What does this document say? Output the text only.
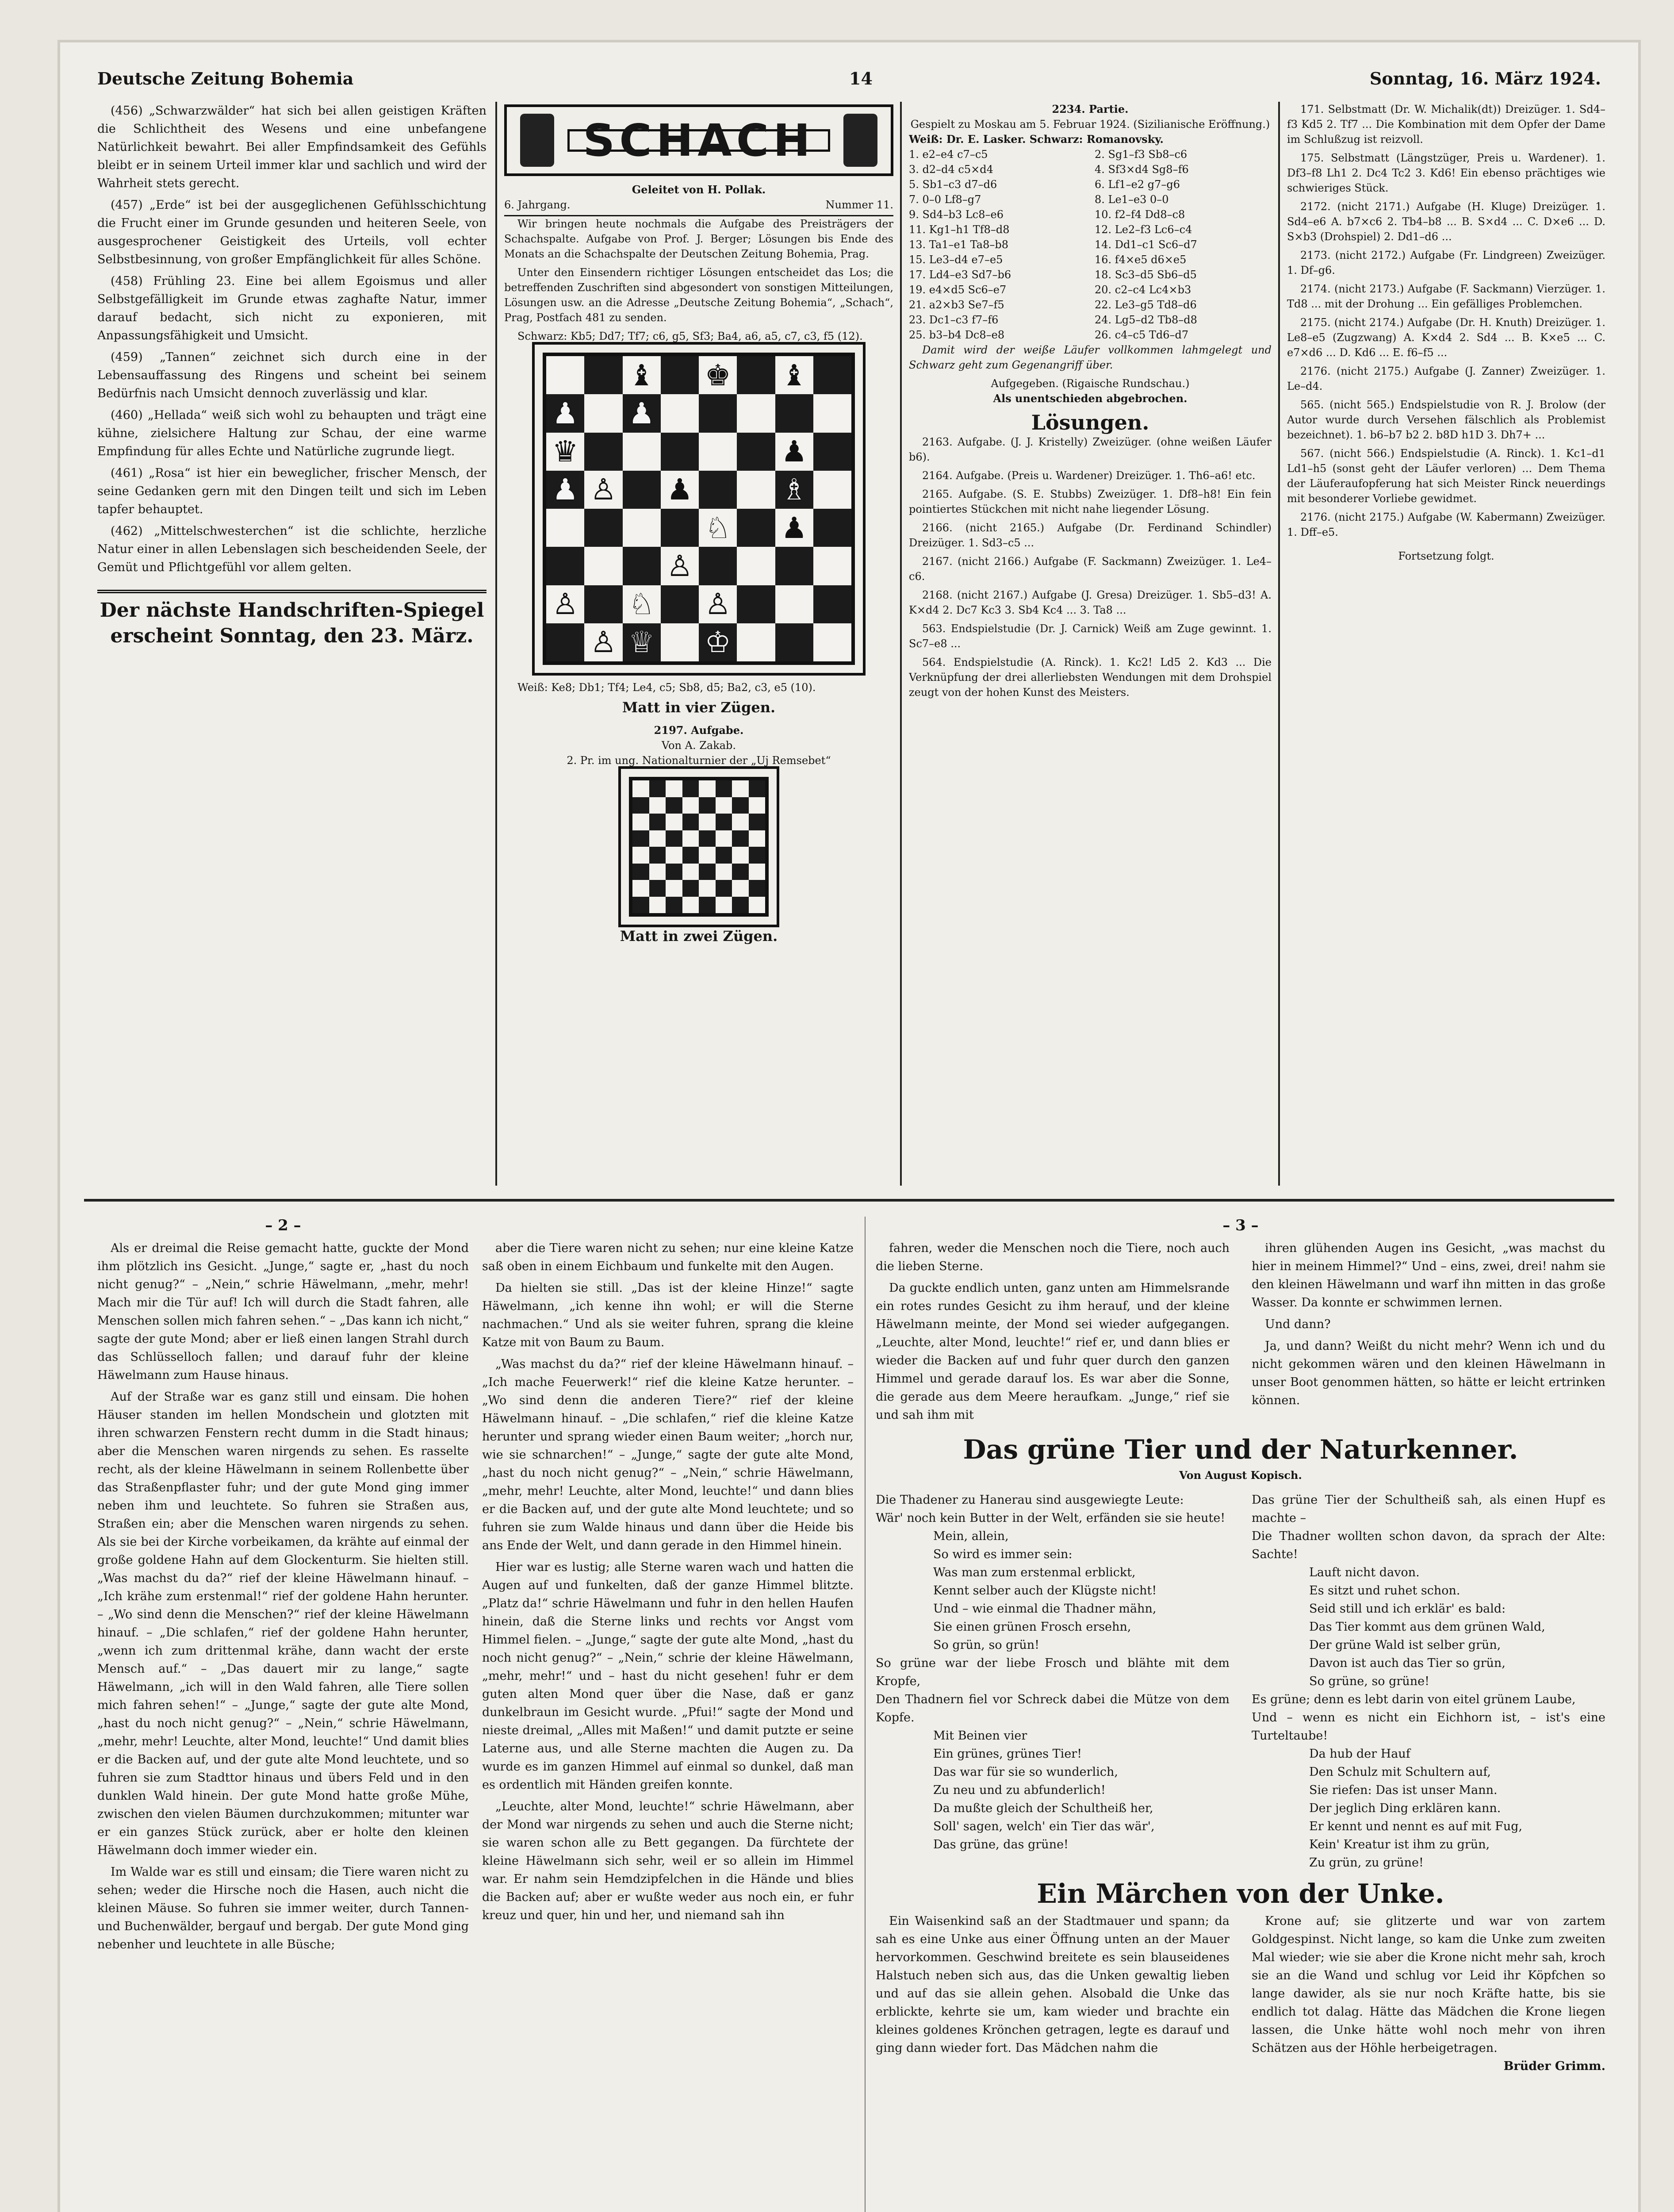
Deutsche Zeitung Bohemia	14	Sonntag, 16. März 1924.

(456) „Schwarzwälder“ hat sich bei allen geistigen Kräften die Schlichtheit des Wesens und eine unbefangene Natürlichkeit bewahrt. Bei aller Empfindsamkeit des Gefühls bleibt er in seinem Urteil immer klar und sachlich und wird der Wahrheit stets gerecht.

(457) „Erde“ ist bei der ausgeglichenen Gefühlsschichtung die Frucht einer im Grunde gesunden und heiteren Seele, von ausgesprochener Geistigkeit des Urteils, voll echter Selbstbesinnung, von großer Empfänglichkeit für alles Schöne.

(458) Frühling 23. Eine bei allem Egoismus und aller Selbstgefälligkeit im Grunde etwas zaghafte Natur, immer darauf bedacht, sich nicht zu exponieren, mit Anpassungsfähigkeit und Umsicht.

(459) „Tannen“ zeichnet sich durch eine in der Lebensauffassung des Ringens und scheint bei seinem Bedürfnis nach Umsicht dennoch zuverlässig und klar.

(460) „Hellada“ weiß sich wohl zu behaupten und trägt eine kühne, zielsichere Haltung zur Schau, der eine warme Empfindung für alles Echte und Natürliche zugrunde liegt.

(461) „Rosa“ ist hier ein beweglicher, frischer Mensch, der seine Gedanken gern mit den Dingen teilt und sich im Leben tapfer behauptet.

(462) „Mittelschwesterchen“ ist die schlichte, herzliche Natur einer in allen Lebenslagen sich bescheidenden Seele, der Gemüt und Pflichtgefühl vor allem gelten.

Der nächste Handschriften-Spiegel erscheint Sonntag, den 23. März.
SCHACH
Geleitet von H. Pollak.
6. Jahrgang.	Nummer 11.

Wir bringen heute nochmals die Aufgabe des Preisträgers der Schachspalte. Aufgabe von Prof. J. Berger; Lösungen bis Ende des Monats an die Schachspalte der Deutschen Zeitung Bohemia, Prag.

Unter den Einsendern richtiger Lösungen entscheidet das Los; die betreffenden Zuschriften sind abgesondert von sonstigen Mitteilungen, Lösungen usw. an die Adresse „Deutsche Zeitung Bohemia“, „Schach“, Prag, Postfach 481 zu senden.

Schwarz: Kb5; Dd7; Tf7; c6, g5, Sf3; Ba4, a6, a5, c7, c3, f5 (12).

♝ ♚ ♝
♟ ♟
♛	♟
♟ ♙ ♟	♗
♘ ♟
♙
♙ ♘ ♙
♙ ♕ ♔

Weiß: Ke8; Db1; Tf4; Le4, c5; Sb8, d5; Ba2, c3, e5 (10).

Matt in vier Zügen.
2197. Aufgabe.
Von A. Zakab.
2. Pr. im ung. Nationalturnier der „Uj Remsebet“
Matt in zwei Zügen.
2234. Partie.
Gespielt zu Moskau am 5. Februar 1924. (Sizilianische Eröffnung.)
Weiß: Dr. E. Lasker. Schwarz: Romanovsky.
1. e2–e4 c7–c5	2. Sg1–f3 Sb8–c6
3. d2–d4 c5×d4	4. Sf3×d4 Sg8–f6
5. Sb1–c3 d7–d6	6. Lf1–e2 g7–g6
7. 0–0 Lf8–g7	8. Le1–e3 0–0
9. Sd4–b3 Lc8–e6	10. f2–f4 Dd8–c8
11. Kg1–h1 Tf8–d8	12. Le2–f3 Lc6–c4
13. Ta1–e1 Ta8–b8	14. Dd1–c1 Sc6–d7
15. Le3–d4 e7–e5	16. f4×e5 d6×e5
17. Ld4–e3 Sd7–b6	18. Sc3–d5 Sb6–d5
19. e4×d5 Sc6–e7	20. c2–c4 Lc4×b3
21. a2×b3 Se7–f5	22. Le3–g5 Td8–d6
23. Dc1–c3 f7–f6	24. Lg5–d2 Tb8–d8
25. b3–b4 Dc8–e8	26. c4–c5 Td6–d7

Damit wird der weiße Läufer vollkommen lahmgelegt und Schwarz geht zum Gegenangriff über.

Aufgegeben. (Rigaische Rundschau.)
Als unentschieden abgebrochen.
Lösungen.

2163. Aufgabe. (J. J. Kristelly) Zweizüger. (ohne weißen Läufer b6).

2164. Aufgabe. (Preis u. Wardener) Dreizüger. 1. Th6–a6! etc.

2165. Aufgabe. (S. E. Stubbs) Zweizüger. 1. Df8–h8! Ein fein pointiertes Stückchen mit nicht nahe liegender Lösung.

2166. (nicht 2165.) Aufgabe (Dr. Ferdinand Schindler) Dreizüger. 1. Sd3–c5 ...

2167. (nicht 2166.) Aufgabe (F. Sackmann) Zweizüger. 1. Le4–c6.

2168. (nicht 2167.) Aufgabe (J. Gresa) Dreizüger. 1. Sb5–d3! A. K×d4 2. Dc7 Kc3 3. Sb4 Kc4 ... 3. Ta8 ...

563. Endspielstudie (Dr. J. Carnick) Weiß am Zuge gewinnt. 1. Sc7–e8 ...

564. Endspielstudie (A. Rinck). 1. Kc2! Ld5 2. Kd3 ... Die Verknüpfung der drei allerliebsten Wendungen mit dem Drohspiel zeugt von der hohen Kunst des Meisters.

171. Selbstmatt (Dr. W. Michalik(dt)) Dreizüger. 1. Sd4–f3 Kd5 2. Tf7 ... Die Kombination mit dem Opfer der Dame im Schlußzug ist reizvoll.

175. Selbstmatt (Längstzüger, Preis u. Wardener). 1. Df3–f8 Lh1 2. Dc4 Tc2 3. Kd6! Ein ebenso prächtiges wie schwieriges Stück.

2172. (nicht 2171.) Aufgabe (H. Kluge) Dreizüger. 1. Sd4–e6 A. b7×c6 2. Tb4–b8 ... B. S×d4 ... C. D×e6 ... D. S×b3 (Drohspiel) 2. Dd1–d6 ...

2173. (nicht 2172.) Aufgabe (Fr. Lindgreen) Zweizüger. 1. Df–g6.

2174. (nicht 2173.) Aufgabe (F. Sackmann) Vierzüger. 1. Td8 ... mit der Drohung ... Ein gefälliges Problemchen.

2175. (nicht 2174.) Aufgabe (Dr. H. Knuth) Dreizüger. 1. Le8–e5 (Zugzwang) A. K×d4 2. Sd4 ... B. K×e5 ... C. e7×d6 ... D. Kd6 ... E. f6–f5 ...

2176. (nicht 2175.) Aufgabe (J. Zanner) Zweizüger. 1. Le–d4.

565. (nicht 565.) Endspielstudie von R. J. Brolow (der Autor wurde durch Versehen fälschlich als Problemist bezeichnet). 1. b6–b7 b2 2. b8D h1D 3. Dh7+ ...

567. (nicht 566.) Endspielstudie (A. Rinck). 1. Kc1–d1 Ld1–h5 (sonst geht der Läufer verloren) ... Dem Thema der Läuferaufopferung hat sich Meister Rinck neuerdings mit besonderer Vorliebe gewidmet.

2176. (nicht 2175.) Aufgabe (W. Kabermann) Zweizüger. 1. Dff–e5.

Fortsetzung folgt.
– 2 –

Als er dreimal die Reise gemacht hatte, guckte der Mond ihm plötzlich ins Gesicht. „Junge,“ sagte er, „hast du noch nicht genug?“ – „Nein,“ schrie Häwelmann, „mehr, mehr! Mach mir die Tür auf! Ich will durch die Stadt fahren, alle Menschen sollen mich fahren sehen.“ – „Das kann ich nicht,“ sagte der gute Mond; aber er ließ einen langen Strahl durch das Schlüsselloch fallen; und darauf fuhr der kleine Häwelmann zum Hause hinaus.

Auf der Straße war es ganz still und einsam. Die hohen Häuser standen im hellen Mondschein und glotzten mit ihren schwarzen Fenstern recht dumm in die Stadt hinaus; aber die Menschen waren nirgends zu sehen. Es rasselte recht, als der kleine Häwelmann in seinem Rollenbette über das Straßenpflaster fuhr; und der gute Mond ging immer neben ihm und leuchtete. So fuhren sie Straßen aus, Straßen ein; aber die Menschen waren nirgends zu sehen. Als sie bei der Kirche vorbeikamen, da krähte auf einmal der große goldene Hahn auf dem Glockenturm. Sie hielten still. „Was machst du da?“ rief der kleine Häwelmann hinauf. – „Ich krähe zum erstenmal!“ rief der goldene Hahn herunter. – „Wo sind denn die Menschen?“ rief der kleine Häwelmann hinauf. – „Die schlafen,“ rief der goldene Hahn herunter, „wenn ich zum drittenmal krähe, dann wacht der erste Mensch auf.“ – „Das dauert mir zu lange,“ sagte Häwelmann, „ich will in den Wald fahren, alle Tiere sollen mich fahren sehen!“ – „Junge,“ sagte der gute alte Mond, „hast du noch nicht genug?“ – „Nein,“ schrie Häwelmann, „mehr, mehr! Leuchte, alter Mond, leuchte!“ Und damit blies er die Backen auf, und der gute alte Mond leuchtete, und so fuhren sie zum Stadttor hinaus und übers Feld und in den dunklen Wald hinein. Der gute Mond hatte große Mühe, zwischen den vielen Bäumen durchzukommen; mitunter war er ein ganzes Stück zurück, aber er holte den kleinen Häwelmann doch immer wieder ein.

Im Walde war es still und einsam; die Tiere waren nicht zu sehen; weder die Hirsche noch die Hasen, auch nicht die kleinen Mäuse. So fuhren sie immer weiter, durch Tannen- und Buchenwälder, bergauf und bergab. Der gute Mond ging nebenher und leuchtete in alle Büsche;

aber die Tiere waren nicht zu sehen; nur eine kleine Katze saß oben in einem Eichbaum und funkelte mit den Augen.

Da hielten sie still. „Das ist der kleine Hinze!“ sagte Häwelmann, „ich kenne ihn wohl; er will die Sterne nachmachen.“ Und als sie weiter fuhren, sprang die kleine Katze mit von Baum zu Baum.

„Was machst du da?“ rief der kleine Häwelmann hinauf. – „Ich mache Feuerwerk!“ rief die kleine Katze herunter. – „Wo sind denn die anderen Tiere?“ rief der kleine Häwelmann hinauf. – „Die schlafen,“ rief die kleine Katze herunter und sprang wieder einen Baum weiter; „horch nur, wie sie schnarchen!“ – „Junge,“ sagte der gute alte Mond, „hast du noch nicht genug?“ – „Nein,“ schrie Häwelmann, „mehr, mehr! Leuchte, alter Mond, leuchte!“ und dann blies er die Backen auf, und der gute alte Mond leuchtete; und so fuhren sie zum Walde hinaus und dann über die Heide bis ans Ende der Welt, und dann gerade in den Himmel hinein.

Hier war es lustig; alle Sterne waren wach und hatten die Augen auf und funkelten, daß der ganze Himmel blitzte. „Platz da!“ schrie Häwelmann und fuhr in den hellen Haufen hinein, daß die Sterne links und rechts vor Angst vom Himmel fielen. – „Junge,“ sagte der gute alte Mond, „hast du noch nicht genug?“ – „Nein,“ schrie der kleine Häwelmann, „mehr, mehr!“ und – hast du nicht gesehen! fuhr er dem guten alten Mond quer über die Nase, daß er ganz dunkelbraun im Gesicht wurde. „Pfui!“ sagte der Mond und nieste dreimal, „Alles mit Maßen!“ und damit putzte er seine Laterne aus, und alle Sterne machten die Augen zu. Da wurde es im ganzen Himmel auf einmal so dunkel, daß man es ordentlich mit Händen greifen konnte.

„Leuchte, alter Mond, leuchte!“ schrie Häwelmann, aber der Mond war nirgends zu sehen und auch die Sterne nicht; sie waren schon alle zu Bett gegangen. Da fürchtete der kleine Häwelmann sich sehr, weil er so allein im Himmel war. Er nahm sein Hemdzipfelchen in die Hände und blies die Backen auf; aber er wußte weder aus noch ein, er fuhr kreuz und quer, hin und her, und niemand sah ihn

– 3 –

fahren, weder die Menschen noch die Tiere, noch auch die lieben Sterne.

Da guckte endlich unten, ganz unten am Himmelsrande ein rotes rundes Gesicht zu ihm herauf, und der kleine Häwelmann meinte, der Mond sei wieder aufgegangen. „Leuchte, alter Mond, leuchte!“ rief er, und dann blies er wieder die Backen auf und fuhr quer durch den ganzen Himmel und gerade darauf los. Es war aber die Sonne, die gerade aus dem Meere heraufkam. „Junge,“ rief sie und sah ihm mit

ihren glühenden Augen ins Gesicht, „was machst du hier in meinem Himmel?“ Und – eins, zwei, drei! nahm sie den kleinen Häwelmann und warf ihn mitten in das große Wasser. Da konnte er schwimmen lernen.

Und dann?

Ja, und dann? Weißt du nicht mehr? Wenn ich und du nicht gekommen wären und den kleinen Häwelmann in unser Boot genommen hätten, so hätte er leicht ertrinken können.

Das grüne Tier und der Naturkenner.
Von August Kopisch.
Die Thadener zu Hanerau sind ausgewiegte Leute:
Wär' noch kein Butter in der Welt, erfänden sie sie heute!
Mein, allein,
So wird es immer sein:
Was man zum erstenmal erblickt,
Kennt selber auch der Klügste nicht!
Und – wie einmal die Thadner mähn,
Sie einen grünen Frosch ersehn,
So grün, so grün!
So grüne war der liebe Frosch und blähte mit dem Kropfe,
Den Thadnern fiel vor Schreck dabei die Mütze von dem Kopfe.
Mit Beinen vier
Ein grünes, grünes Tier!
Das war für sie so wunderlich,
Zu neu und zu abfunderlich!
Da mußte gleich der Schultheiß her,
Soll' sagen, welch' ein Tier das wär',
Das grüne, das grüne!
Das grüne Tier der Schultheiß sah, als einen Hupf es machte –
Die Thadner wollten schon davon, da sprach der Alte: Sachte!
Lauft nicht davon.
Es sitzt und ruhet schon.
Seid still und ich erklär' es bald:
Das Tier kommt aus dem grünen Wald,
Der grüne Wald ist selber grün,
Davon ist auch das Tier so grün,
So grüne, so grüne!
Es grüne; denn es lebt darin von eitel grünem Laube,
Und – wenn es nicht ein Eichhorn ist, – ist's eine Turteltaube!
Da hub der Hauf
Den Schulz mit Schultern auf,
Sie riefen: Das ist unser Mann.
Der jeglich Ding erklären kann.
Er kennt und nennt es auf mit Fug,
Kein' Kreatur ist ihm zu grün,
Zu grün, zu grüne!
Ein Märchen von der Unke.

Ein Waisenkind saß an der Stadtmauer und spann; da sah es eine Unke aus einer Öffnung unten an der Mauer hervorkommen. Geschwind breitete es sein blauseidenes Halstuch neben sich aus, das die Unken gewaltig lieben und auf das sie allein gehen. Alsobald die Unke das erblickte, kehrte sie um, kam wieder und brachte ein kleines goldenes Krönchen getragen, legte es darauf und ging dann wieder fort. Das Mädchen nahm die

Krone auf; sie glitzerte und war von zartem Goldgespinst. Nicht lange, so kam die Unke zum zweiten Mal wieder; wie sie aber die Krone nicht mehr sah, kroch sie an die Wand und schlug vor Leid ihr Köpfchen so lange dawider, als sie nur noch Kräfte hatte, bis sie endlich tot dalag. Hätte das Mädchen die Krone liegen lassen, die Unke hätte wohl noch mehr von ihren Schätzen aus der Höhle herbeigetragen.

Brüder Grimm.
